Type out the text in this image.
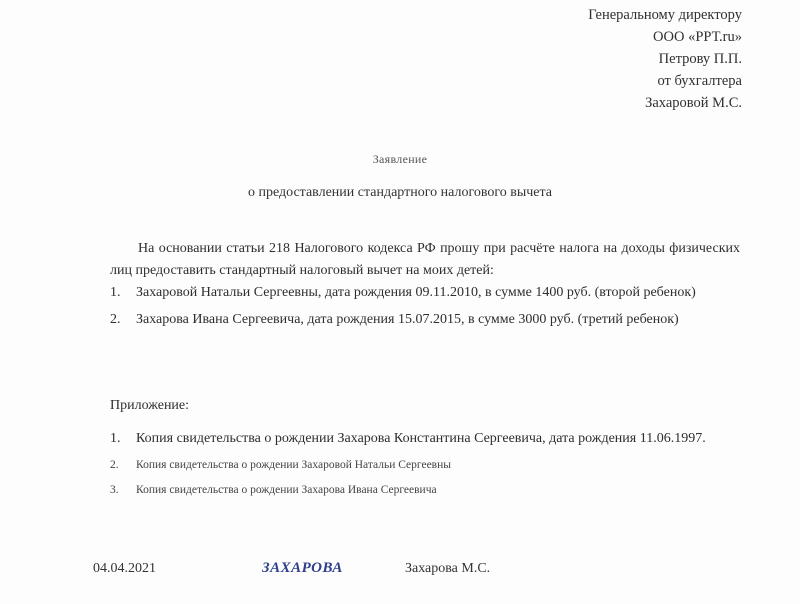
Генеральному директору
ООО «РРТ.ru»
Петрову П.П.
от бухгалтера
Захаровой М.С.
Заявление
о предоставлении стандартного налогового вычета
На основании статьи 218 Налогового кодекса РФ прошу при расчёте налога на доходы физических лиц предоставить стандартный налоговый вычет на моих детей:
1. Захаровой Натальи Сергеевны, дата рождения 09.11.2010, в сумме 1400 руб. (второй ребенок)
2. Захарова Ивана Сергеевича, дата рождения 15.07.2015, в сумме 3000 руб. (третий ребенок)
Приложение:
1. Копия свидетельства о рождении Захарова Константина Сергеевича, дата рождения 11.06.1997.
2. Копия свидетельства о рождении Захаровой Натальи Сергеевны
3. Копия свидетельства о рождении Захарова Ивана Сергеевича
04.04.2021	ЗАХАРОВА	Захарова М.С.
